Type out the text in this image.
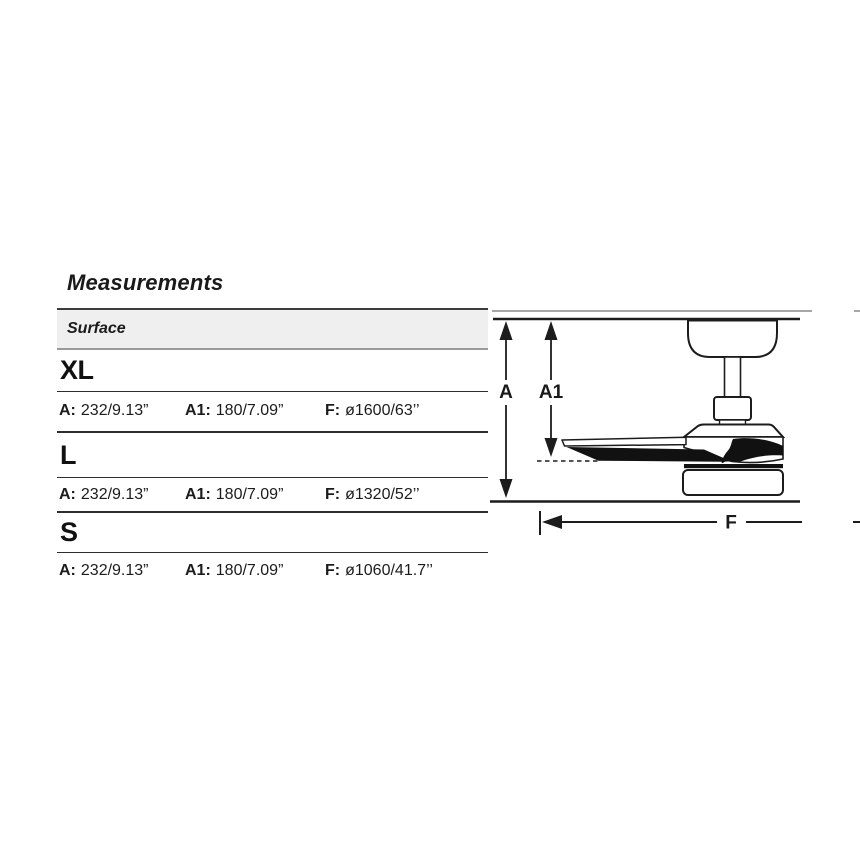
Measurements
Surface
XL
A: 232/9.13” A1: 180/7.09”	F: ø1600/63’’
L
A: 232/9.13” A1: 180/7.09”	F: ø1320/52’’
S
A: 232/9.13” A1: 180/7.09”	F: ø1060/41.7’’
A A1
F
